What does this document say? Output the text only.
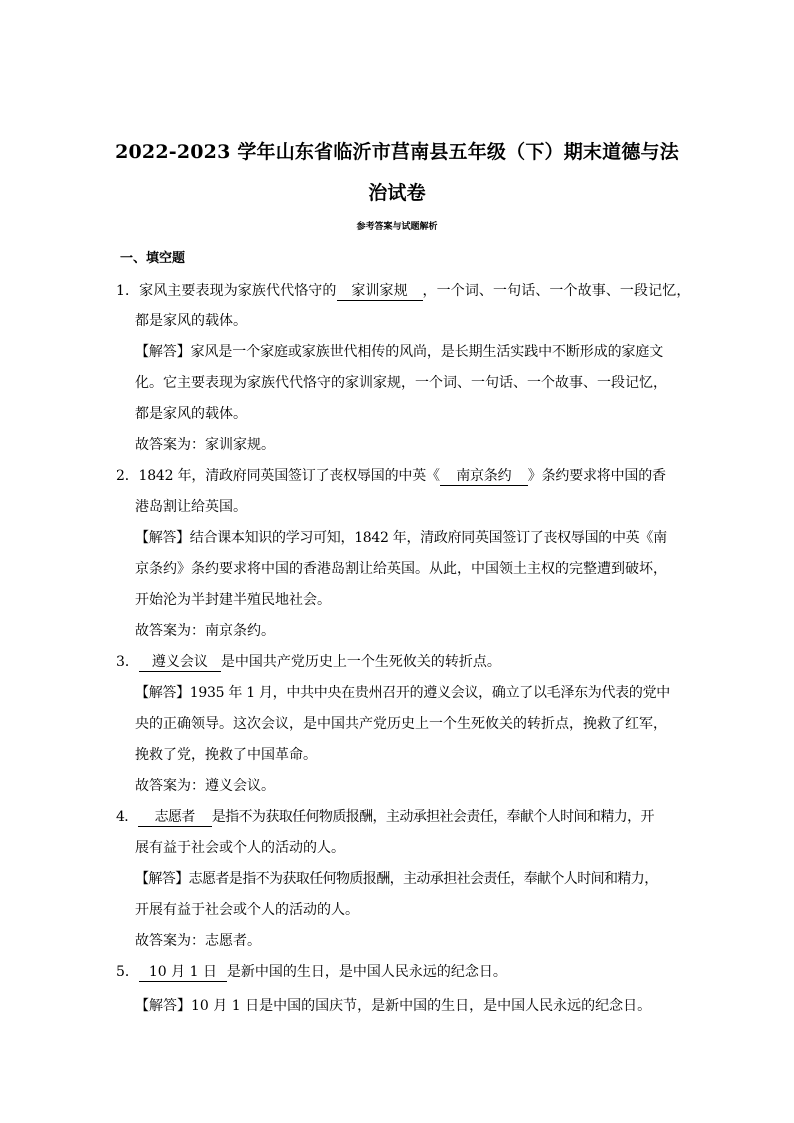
2022-2023 学年山东省临沂市莒南县五年级（下）期末道德与法
治试卷
参考答案与试题解析
一、填空题
1．家风主要表现为家族代代恪守的 家训家规 ，一个词、一句话、一个故事、一段记忆，
都是家风的载体。
【解答】家风是一个家庭或家族世代相传的风尚，是长期生活实践中不断形成的家庭文
化。它主要表现为家族代代恪守的家训家规，一个词、一句话、一个故事、一段记忆，
都是家风的载体。
故答案为：家训家规。
2．1842 年，清政府同英国签订了丧权辱国的中英《 南京条约 》条约要求将中国的香
港岛割让给英国。
【解答】结合课本知识的学习可知，1842 年，清政府同英国签订了丧权辱国的中英《南
京条约》条约要求将中国的香港岛割让给英国。从此，中国领土主权的完整遭到破坏，
开始沦为半封建半殖民地社会。
故答案为：南京条约。
3． 遵义会议 是中国共产党历史上一个生死攸关的转折点。
【解答】1935 年 1 月，中共中央在贵州召开的遵义会议，确立了以毛泽东为代表的党中
央的正确领导。这次会议，是中国共产党历史上一个生死攸关的转折点，挽救了红军，
挽救了党，挽救了中国革命。
故答案为：遵义会议。
4． 志愿者 是指不为获取任何物质报酬，主动承担社会责任，奉献个人时间和精力，开
展有益于社会或个人的活动的人。
【解答】志愿者是指不为获取任何物质报酬，主动承担社会责任，奉献个人时间和精力，
开展有益于社会或个人的活动的人。
故答案为：志愿者。
5． 10 月 1 日 是新中国的生日，是中国人民永远的纪念日。
【解答】10 月 1 日是中国的国庆节，是新中国的生日，是中国人民永远的纪念日。
